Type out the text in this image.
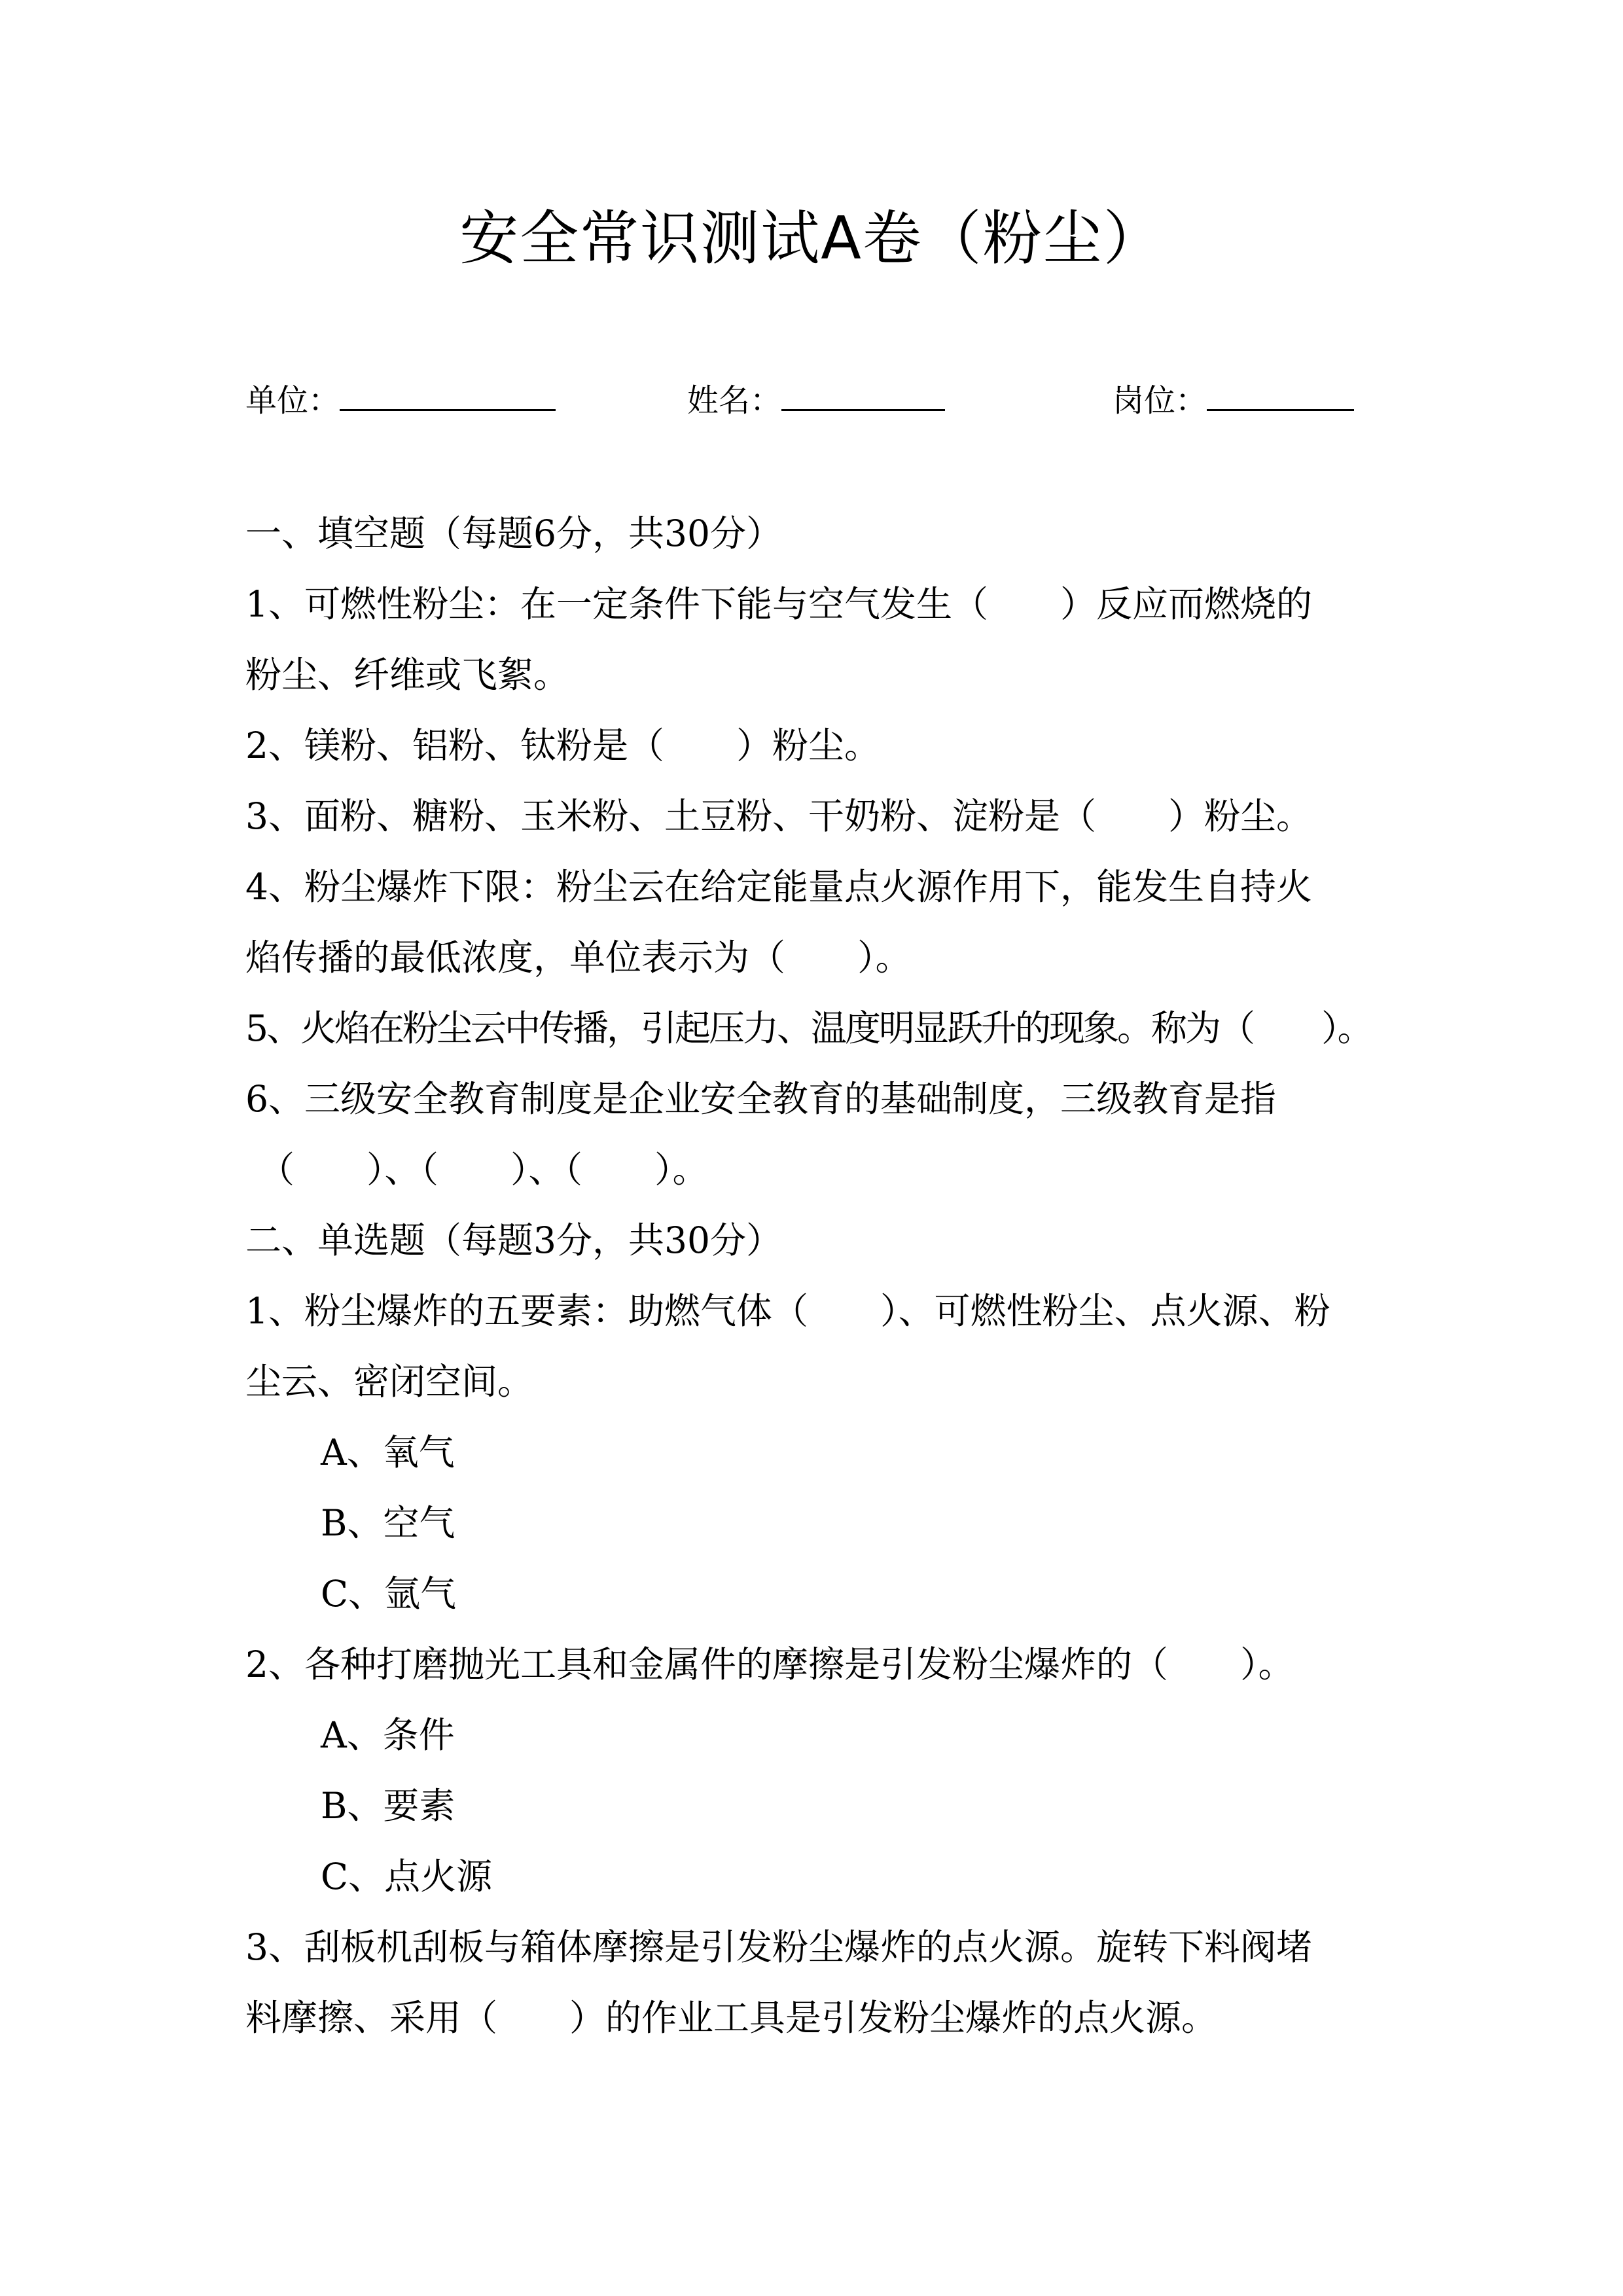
安全常识测试A卷（粉尘）
单位：	姓名：	岗位：
一、填空题（每题6分，共30分）
1、可燃性粉尘：在一定条件下能与空气发生（　　）反应而燃烧的
粉尘、纤维或飞絮。
2、镁粉、铝粉、钛粉是（　　）粉尘。
3、面粉、糖粉、玉米粉、土豆粉、干奶粉、淀粉是（　　）粉尘。
4、粉尘爆炸下限：粉尘云在给定能量点火源作用下，能发生自持火
焰传播的最低浓度，单位表示为（　　）。
5、火焰在粉尘云中传播，引起压力、温度明显跃升的现象。称为（　　）。
6、三级安全教育制度是企业安全教育的基础制度，三级教育是指
（　　）、（　　）、（　　）。
二、单选题（每题3分，共30分）
1、粉尘爆炸的五要素：助燃气体（　　）、可燃性粉尘、点火源、粉
尘云、密闭空间。
A、氧气
B、空气
C、氩气
2、各种打磨抛光工具和金属件的摩擦是引发粉尘爆炸的（　　）。
A、条件
B、要素
C、点火源
3、刮板机刮板与箱体摩擦是引发粉尘爆炸的点火源。旋转下料阀堵
料摩擦、采用（　　）的作业工具是引发粉尘爆炸的点火源。
